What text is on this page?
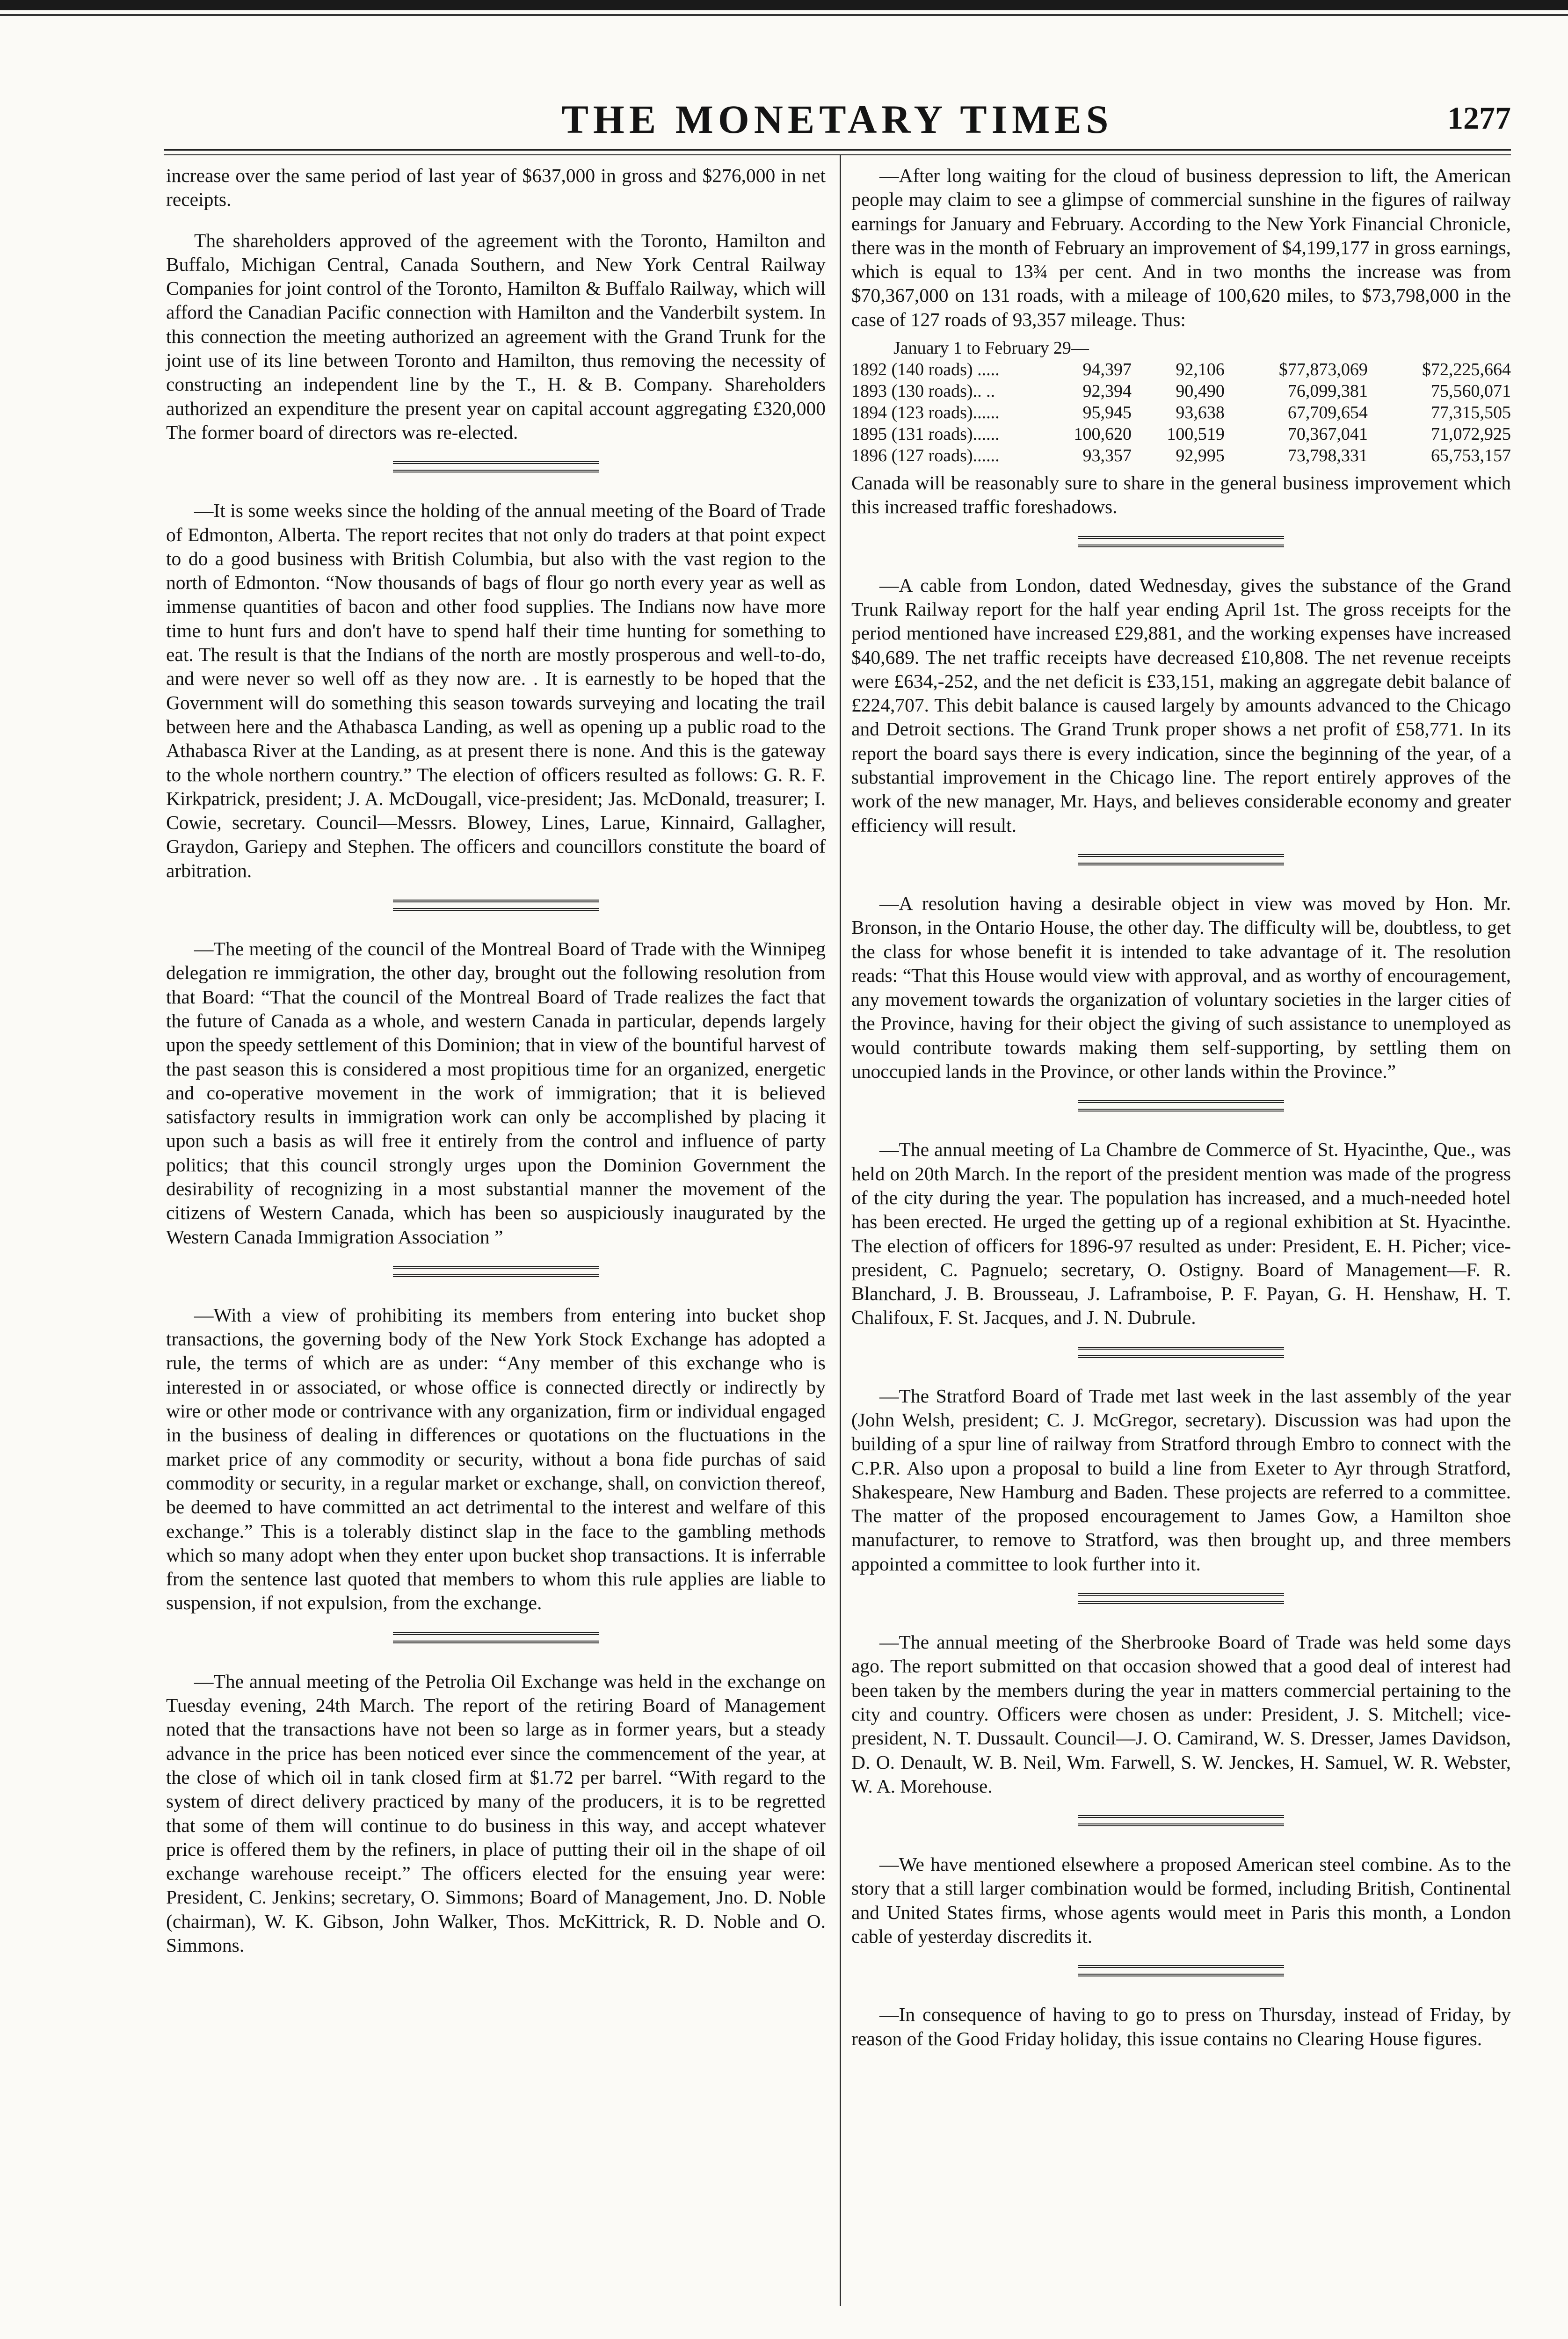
THE MONETARY TIMES	1277

increase over the same period of last year of $637,000 in gross and $276,000 in net receipts.

The shareholders approved of the agreement with the Toronto, Hamilton and Buffalo, Michigan Central, Canada Southern, and New York Central Railway Companies for joint control of the Toronto, Hamilton & Buffalo Railway, which will afford the Canadian Pacific connection with Hamilton and the Vanderbilt system. In this connection the meeting authorized an agreement with the Grand Trunk for the joint use of its line between Toronto and Hamilton, thus removing the necessity of constructing an independent line by the T., H. & B. Company. Shareholders authorized an expenditure the present year on capital account aggregating £320,000 The former board of directors was re-elected.

—It is some weeks since the holding of the annual meeting of the Board of Trade of Edmonton, Alberta. The report recites that not only do traders at that point expect to do a good business with British Columbia, but also with the vast region to the north of Edmonton. “Now thousands of bags of flour go north every year as well as immense quantities of bacon and other food supplies. The Indians now have more time to hunt furs and don't have to spend half their time hunting for something to eat. The result is that the Indians of the north are mostly prosperous and well-to-do, and were never so well off as they now are. . It is earnestly to be hoped that the Government will do something this season towards surveying and locating the trail between here and the Athabasca Landing, as well as opening up a public road to the Athabasca River at the Landing, as at present there is none. And this is the gateway to the whole northern country.” The election of officers resulted as follows: G. R. F. Kirkpatrick, president; J. A. McDougall, vice-president; Jas. McDonald, treasurer; I. Cowie, secretary. Council—Messrs. Blowey, Lines, Larue, Kinnaird, Gallagher, Graydon, Gariepy and Stephen. The officers and councillors constitute the board of arbitration.

—The meeting of the council of the Montreal Board of Trade with the Winnipeg delegation re immigration, the other day, brought out the following resolution from that Board: “That the council of the Montreal Board of Trade realizes the fact that the future of Canada as a whole, and western Canada in particular, depends largely upon the speedy settlement of this Dominion; that in view of the bountiful harvest of the past season this is considered a most propitious time for an organized, energetic and co-operative movement in the work of immigration; that it is believed satisfactory results in immigration work can only be accomplished by placing it upon such a basis as will free it entirely from the control and influence of party politics; that this council strongly urges upon the Dominion Government the desirability of recognizing in a most substantial manner the movement of the citizens of Western Canada, which has been so auspiciously inaugurated by the Western Canada Immigration Association ”

—With a view of prohibiting its members from entering into bucket shop transactions, the governing body of the New York Stock Exchange has adopted a rule, the terms of which are as under: “Any member of this exchange who is interested in or associated, or whose office is connected directly or indirectly by wire or other mode or contrivance with any organization, firm or individual engaged in the business of dealing in differences or quotations on the fluctuations in the market price of any commodity or security, without a bona fide purchas of said commodity or security, in a regular market or exchange, shall, on conviction thereof, be deemed to have committed an act detrimental to the interest and welfare of this exchange.” This is a tolerably distinct slap in the face to the gambling methods which so many adopt when they enter upon bucket shop transactions. It is inferrable from the sentence last quoted that members to whom this rule applies are liable to suspension, if not expulsion, from the exchange.

—The annual meeting of the Petrolia Oil Exchange was held in the exchange on Tuesday evening, 24th March. The report of the retiring Board of Management noted that the transactions have not been so large as in former years, but a steady advance in the price has been noticed ever since the commencement of the year, at the close of which oil in tank closed firm at $1.72 per barrel. “With regard to the system of direct delivery practiced by many of the producers, it is to be regretted that some of them will continue to do business in this way, and accept whatever price is offered them by the refiners, in place of putting their oil in the shape of oil exchange warehouse receipt.” The officers elected for the ensuing year were: President, C. Jenkins; secretary, O. Simmons; Board of Management, Jno. D. Noble (chairman), W. K. Gibson, John Walker, Thos. McKittrick, R. D. Noble and O. Simmons.

—After long waiting for the cloud of business depression to lift, the American people may claim to see a glimpse of commercial sunshine in the figures of railway earnings for January and February. According to the New York Financial Chronicle, there was in the month of February an improvement of $4,199,177 in gross earnings, which is equal to 13¾ per cent. And in two months the increase was from $70,367,000 on 131 roads, with a mileage of 100,620 miles, to $73,798,000 in the case of 127 roads of 93,357 mileage. Thus:

January 1 to February 29—
1892 (140 roads) .....	94,397	92,106	$77,873,069	$72,225,664
1893 (130 roads).. ..	92,394	90,490	76,099,381	75,560,071
1894 (123 roads)......	95,945	93,638	67,709,654	77,315,505
1895 (131 roads)......	100,620	100,519	70,367,041	71,072,925
1896 (127 roads)......	93,357	92,995	73,798,331	65,753,157

Canada will be reasonably sure to share in the general business improvement which this increased traffic foreshadows.

—A cable from London, dated Wednesday, gives the substance of the Grand Trunk Railway report for the half year ending April 1st. The gross receipts for the period mentioned have increased £29,881, and the working expenses have increased $40,689. The net traffic receipts have decreased £10,808. The net revenue receipts were £634,-252, and the net deficit is £33,151, making an aggregate debit balance of £224,707. This debit balance is caused largely by amounts advanced to the Chicago and Detroit sections. The Grand Trunk proper shows a net profit of £58,771. In its report the board says there is every indication, since the beginning of the year, of a substantial improvement in the Chicago line. The report entirely approves of the work of the new manager, Mr. Hays, and believes considerable economy and greater efficiency will result.

—A resolution having a desirable object in view was moved by Hon. Mr. Bronson, in the Ontario House, the other day. The difficulty will be, doubtless, to get the class for whose benefit it is intended to take advantage of it. The resolution reads: “That this House would view with approval, and as worthy of encouragement, any movement towards the organization of voluntary societies in the larger cities of the Province, having for their object the giving of such assistance to unemployed as would contribute towards making them self-supporting, by settling them on unoccupied lands in the Province, or other lands within the Province.”

—The annual meeting of La Chambre de Commerce of St. Hyacinthe, Que., was held on 20th March. In the report of the president mention was made of the progress of the city during the year. The population has increased, and a much-needed hotel has been erected. He urged the getting up of a regional exhibition at St. Hyacinthe. The election of officers for 1896-97 resulted as under: President, E. H. Picher; vice-president, C. Pagnuelo; secretary, O. Ostigny. Board of Management—F. R. Blanchard, J. B. Brousseau, J. Laframboise, P. F. Payan, G. H. Henshaw, H. T. Chalifoux, F. St. Jacques, and J. N. Dubrule.

—The Stratford Board of Trade met last week in the last assembly of the year (John Welsh, president; C. J. McGregor, secretary). Discussion was had upon the building of a spur line of railway from Stratford through Embro to connect with the C.P.R. Also upon a proposal to build a line from Exeter to Ayr through Stratford, Shakespeare, New Hamburg and Baden. These projects are referred to a committee. The matter of the proposed encouragement to James Gow, a Hamilton shoe manufacturer, to remove to Stratford, was then brought up, and three members appointed a committee to look further into it.

—The annual meeting of the Sherbrooke Board of Trade was held some days ago. The report submitted on that occasion showed that a good deal of interest had been taken by the members during the year in matters commercial pertaining to the city and country. Officers were chosen as under: President, J. S. Mitchell; vice-president, N. T. Dussault. Council—J. O. Camirand, W. S. Dresser, James Davidson, D. O. Denault, W. B. Neil, Wm. Farwell, S. W. Jenckes, H. Samuel, W. R. Webster, W. A. Morehouse.

—We have mentioned elsewhere a proposed American steel combine. As to the story that a still larger combination would be formed, including British, Continental and United States firms, whose agents would meet in Paris this month, a London cable of yesterday discredits it.

—In consequence of having to go to press on Thursday, instead of Friday, by reason of the Good Friday holiday, this issue contains no Clearing House figures.
